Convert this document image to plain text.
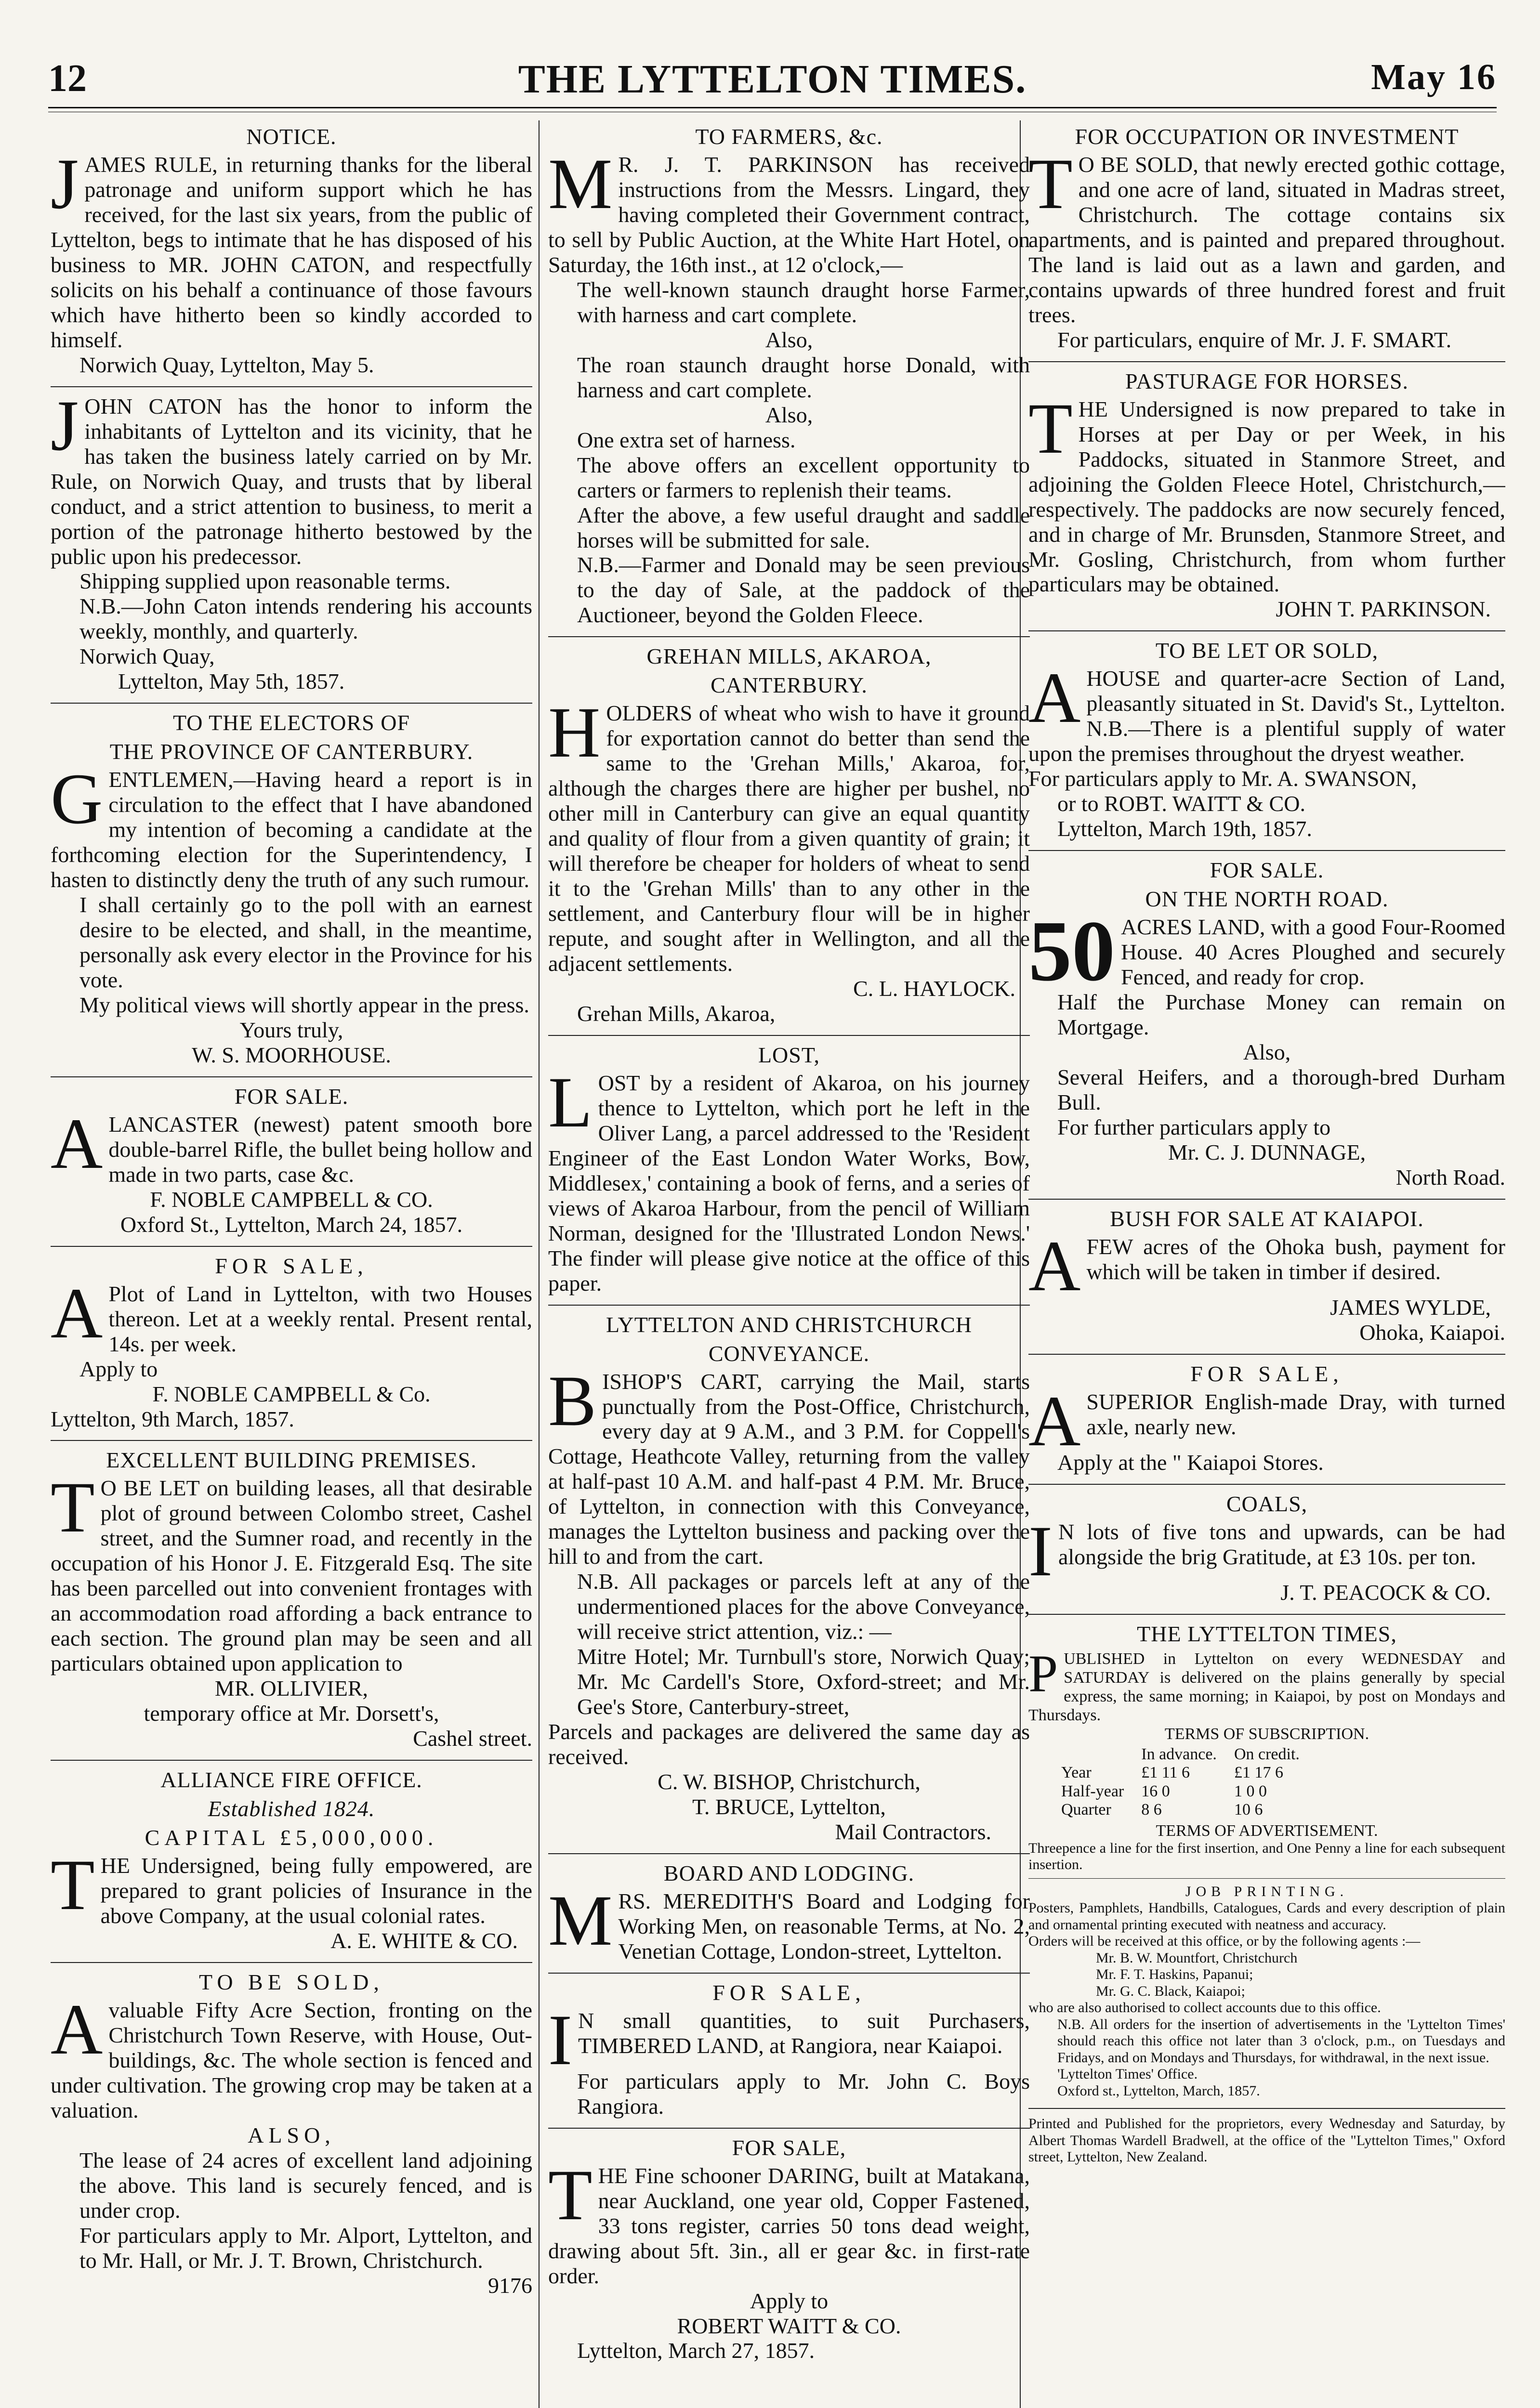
12	THE LYTTELTON TIMES.	May 16
NOTICE.

JAMES RULE, in returning thanks for the liberal patronage and uniform support which he has received, for the last six years, from the public of Lyttelton, begs to intimate that he has disposed of his business to MR. JOHN CATON, and respectfully solicits on his behalf a continuance of those favours which have hitherto been so kindly accorded to himself.

Norwich Quay, Lyttelton, May 5.

JOHN CATON has the honor to inform the inhabitants of Lyttelton and its vicinity, that he has taken the business lately carried on by Mr. Rule, on Norwich Quay, and trusts that by liberal conduct, and a strict attention to business, to merit a portion of the patronage hitherto bestowed by the public upon his predecessor.

Shipping supplied upon reasonable terms.

N.B.—John Caton intends rendering his accounts weekly, monthly, and quarterly.

Norwich Quay,

Lyttelton, May 5th, 1857.

TO THE ELECTORS OF
THE PROVINCE OF CANTERBURY.

GENTLEMEN,—Having heard a report is in circulation to the effect that I have abandoned my intention of becoming a candidate at the forthcoming election for the Superintendency, I hasten to distinctly deny the truth of any such rumour.

I shall certainly go to the poll with an earnest desire to be elected, and shall, in the meantime, personally ask every elector in the Province for his vote.

My political views will shortly appear in the press.

Yours truly,

W. S. MOORHOUSE.

FOR SALE.

ALANCASTER (newest) patent smooth bore double-barrel Rifle, the bullet being hollow and made in two parts, case &c.

F. NOBLE CAMPBELL & CO.

Oxford St., Lyttelton, March 24, 1857.

FOR SALE,

A Plot of Land in Lyttelton, with two Houses thereon. Let at a weekly rental. Present rental, 14s. per week.

Apply to

F. NOBLE CAMPBELL & Co.

Lyttelton, 9th March, 1857.

EXCELLENT BUILDING PREMISES.

T O BE LET on building leases, all that desirable plot of ground between Colombo street, Cashel street, and the Sumner road, and recently in the occupation of his Honor J. E. Fitzgerald Esq. The site has been parcelled out into convenient frontages with an accommodation road affording a back entrance to each section. The ground plan may be seen and all particulars obtained upon application to

MR. OLLIVIER,

temporary office at Mr. Dorsett's,

Cashel street.

ALLIANCE FIRE OFFICE.
Established 1824.
CAPITAL £5,000,000.

THE Undersigned, being fully empowered, are prepared to grant policies of Insurance in the above Company, at the usual colonial rates.

A. E. WHITE & CO.

TO BE SOLD,

Avaluable Fifty Acre Section, fronting on the Christchurch Town Reserve, with House, Out-buildings, &c. The whole section is fenced and under cultivation. The growing crop may be taken at a valuation.

ALSO,

The lease of 24 acres of excellent land adjoining the above. This land is securely fenced, and is under crop.

For particulars apply to Mr. Alport, Lyttelton, and to Mr. Hall, or Mr. J. T. Brown, Christchurch.

9176

TO FARMERS, &c.

M R. J. T. PARKINSON has received instructions from the Messrs. Lingard, they having completed their Government contract, to sell by Public Auction, at the White Hart Hotel, on Saturday, the 16th inst., at 12 o'clock,—

The well-known staunch draught horse Farmer, with harness and cart complete.

Also,

The roan staunch draught horse Donald, with harness and cart complete.

Also,

One extra set of harness.

The above offers an excellent opportunity to carters or farmers to replenish their teams.

After the above, a few useful draught and saddle horses will be submitted for sale.

N.B.—Farmer and Donald may be seen previous to the day of Sale, at the paddock of the Auctioneer, beyond the Golden Fleece.

GREHAN MILLS, AKAROA,
CANTERBURY.

HOLDERS of wheat who wish to have it ground for exportation cannot do better than send the same to the 'Grehan Mills,' Akaroa, for, although the charges there are higher per bushel, no other mill in Canterbury can give an equal quantity and quality of flour from a given quantity of grain; it will therefore be cheaper for holders of wheat to send it to the 'Grehan Mills' than to any other in the settlement, and Canterbury flour will be in higher repute, and sought after in Wellington, and all the adjacent settlements.

C. L. HAYLOCK.

Grehan Mills, Akaroa,

LOST,

LOST by a resident of Akaroa, on his journey thence to Lyttelton, which port he left in the Oliver Lang, a parcel addressed to the 'Resident Engineer of the East London Water Works, Bow, Middlesex,' containing a book of ferns, and a series of views of Akaroa Harbour, from the pencil of William Norman, designed for the 'Illustrated London News.' The finder will please give notice at the office of this paper.

LYTTELTON AND CHRISTCHURCH
CONVEYANCE.

BISHOP'S CART, carrying the Mail, starts punctually from the Post-Office, Christchurch, every day at 9 A.M., and 3 P.M. for Coppell's Cottage, Heathcote Valley, returning from the valley at half-past 10 A.M. and half-past 4 P.M. Mr. Bruce, of Lyttelton, in connection with this Conveyance, manages the Lyttelton business and packing over the hill to and from the cart.

N.B. All packages or parcels left at any of the undermentioned places for the above Conveyance, will receive strict attention, viz.: —

Mitre Hotel; Mr. Turnbull's store, Norwich Quay; Mr. Mc Cardell's Store, Oxford-street; and Mr. Gee's Store, Canterbury-street,

Parcels and packages are delivered the same day as received.

C. W. BISHOP, Christchurch,

T. BRUCE, Lyttelton,

Mail Contractors.

BOARD AND LODGING.

MRS. MEREDITH'S Board and Lodging for Working Men, on reasonable Terms, at No. 2, Venetian Cottage, London-street, Lyttelton.

FOR SALE,

I N small quantities, to suit Purchasers, TIMBERED LAND, at Rangiora, near Kaiapoi.

For particulars apply to Mr. John C. Boys Rangiora.

FOR SALE,

THE Fine schooner DARING, built at Matakana, near Auckland, one year old, Copper Fastened, 33 tons register, carries 50 tons dead weight, drawing about 5ft. 3in., all er gear &c. in first-rate order.

Apply to

ROBERT WAITT & CO.

Lyttelton, March 27, 1857.

FOR OCCUPATION OR INVESTMENT

T O BE SOLD, that newly erected gothic cottage, and one acre of land, situated in Madras street, Christchurch. The cottage contains six apartments, and is painted and prepared throughout. The land is laid out as a lawn and garden, and contains upwards of three hundred forest and fruit trees.

For particulars, enquire of Mr. J. F. SMART.

PASTURAGE FOR HORSES.

THE Undersigned is now prepared to take in Horses at per Day or per Week, in his Paddocks, situated in Stanmore Street, and adjoining the Golden Fleece Hotel, Christchurch,—respectively. The paddocks are now securely fenced, and in charge of Mr. Brunsden, Stanmore Street, and Mr. Gosling, Christchurch, from whom further particulars may be obtained.

JOHN T. PARKINSON.

TO BE LET OR SOLD,

AHOUSE and quarter-acre Section of Land, pleasantly situated in St. David's St., Lyttelton. N.B.—There is a plentiful supply of water upon the premises throughout the dryest weather.

For particulars apply to Mr. A. SWANSON,

or to ROBT. WAITT & CO.

Lyttelton, March 19th, 1857.

FOR SALE.
ON THE NORTH ROAD.

50 ACRES LAND, with a good Four-Roomed House. 40 Acres Ploughed and securely Fenced, and ready for crop.

Half the Purchase Money can remain on Mortgage.

Also,

Several Heifers, and a thorough-bred Durham Bull.

For further particulars apply to

Mr. C. J. DUNNAGE,

North Road.

BUSH FOR SALE AT KAIAPOI.

AFEW acres of the Ohoka bush, payment for which will be taken in timber if desired.

JAMES WYLDE,

Ohoka, Kaiapoi.

FOR SALE,

ASUPERIOR English-made Dray, with turned axle, nearly new.

Apply at the " Kaiapoi Stores.

COALS,

I N lots of five tons and upwards, can be had alongside the brig Gratitude, at £3 10s. per ton.

J. T. PEACOCK & CO.

THE LYTTELTON TIMES,

PUBLISHED in Lyttelton on every WEDNESDAY and SATURDAY is delivered on the plains generally by special express, the same morning; in Kaiapoi, by post on Mondays and Thursdays.

TERMS OF SUBSCRIPTION.

	In advance.	On credit.
Year	£1 11 6	£1 17 6
Half-year	16 0	1 0 0
Quarter	8 6	10 6

TERMS OF ADVERTISEMENT.

Threepence a line for the first insertion, and One Penny a line for each subsequent insertion.

JOB PRINTING.

Posters, Pamphlets, Handbills, Catalogues, Cards and every description of plain and ornamental printing executed with neatness and accuracy.

Orders will be received at this office, or by the following agents :—

Mr. B. W. Mountfort, Christchurch

Mr. F. T. Haskins, Papanui;

Mr. G. C. Black, Kaiapoi;

who are also authorised to collect accounts due to this office.

N.B. All orders for the insertion of advertisements in the 'Lyttelton Times' should reach this office not later than 3 o'clock, p.m., on Tuesdays and Fridays, and on Mondays and Thursdays, for withdrawal, in the next issue.

'Lyttelton Times' Office.

Oxford st., Lyttelton, March, 1857.

Printed and Published for the proprietors, every Wednesday and Saturday, by Albert Thomas Wardell Bradwell, at the office of the "Lyttelton Times," Oxford street, Lyttelton, New Zealand.
